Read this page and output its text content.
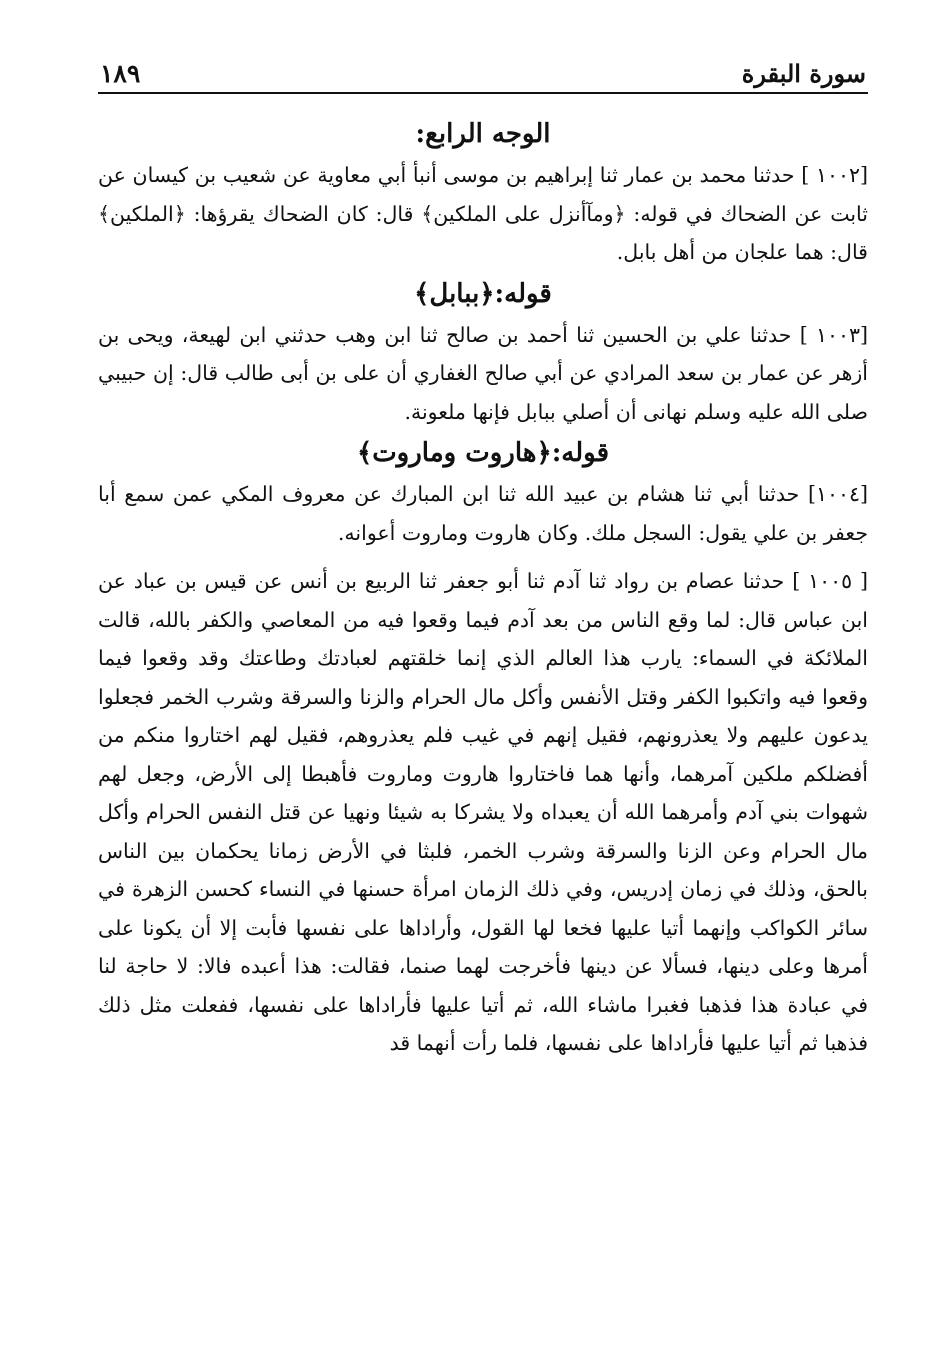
سورة البقرة
١٨٩
الوجه الرابع:

[١٠٠٢ ] حدثنا محمد بن عمار ثنا إبراهيم بن موسى أنبأ أبي معاوية عن شعيب بن كيسان عن ثابت عن الضحاك في قوله: ﴿ومآأنزل على الملكين﴾ قال: كان الضحاك يقرؤها: ﴿الملكين﴾ قال: هما علجان من أهل بابل.

قوله:﴿ببابل﴾

[١٠٠٣ ] حدثنا علي بن الحسين ثنا أحمد بن صالح ثنا ابن وهب حدثني ابن لهيعة، ويحى بن أزهر عن عمار بن سعد المرادي عن أبي صالح الغفاري أن على بن أبى طالب قال: إن حبيبي صلى الله عليه وسلم نهانى أن أصلي ببابل فإنها ملعونة.

قوله:﴿هاروت وماروت﴾

[١٠٠٤] حدثنا أبي ثنا هشام بن عبيد الله ثنا ابن المبارك عن معروف المكي عمن سمع أبا جعفر بن علي يقول: السجل ملك. وكان هاروت وماروت أعوانه.

[ ١٠٠٥ ] حدثنا عصام بن رواد ثنا آدم ثنا أبو جعفر ثنا الربيع بن أنس عن قيس بن عباد عن ابن عباس قال: لما وقع الناس من بعد آدم فيما وقعوا فيه من المعاصي والكفر بالله، قالت الملائكة في السماء: يارب هذا العالم الذي إنما خلقتهم لعبادتك وطاعتك وقد وقعوا فيما وقعوا فيه واتكبوا الكفر وقتل الأنفس وأكل مال الحرام والزنا والسرقة وشرب الخمر فجعلوا يدعون عليهم ولا يعذرونهم، فقيل إنهم في غيب فلم يعذروهم، فقيل لهم اختاروا منكم من أفضلكم ملكين آمرهما، وأنها هما فاختاروا هاروت وماروت فأهبطا إلى الأرض، وجعل لهم شهوات بني آدم وأمرهما الله أن يعبداه ولا يشركا به شيئا ونهيا عن قتل النفس الحرام وأكل مال الحرام وعن الزنا والسرقة وشرب الخمر، فلبثا في الأرض زمانا يحكمان بين الناس بالحق، وذلك في زمان إدريس، وفي ذلك الزمان امرأة حسنها في النساء كحسن الزهرة في سائر الكواكب وإنهما أتيا عليها فخعا لها القول، وأراداها على نفسها فأبت إلا أن يكونا على أمرها وعلى دينها، فسألا عن دينها فأخرجت لهما صنما، فقالت: هذا أعبده فالا: لا حاجة لنا في عبادة هذا فذهبا فغبرا ماشاء الله، ثم أتيا عليها فأراداها على نفسها، ففعلت مثل ذلك فذهبا ثم أتيا عليها فأراداها على نفسها، فلما رأت أنهما قد
